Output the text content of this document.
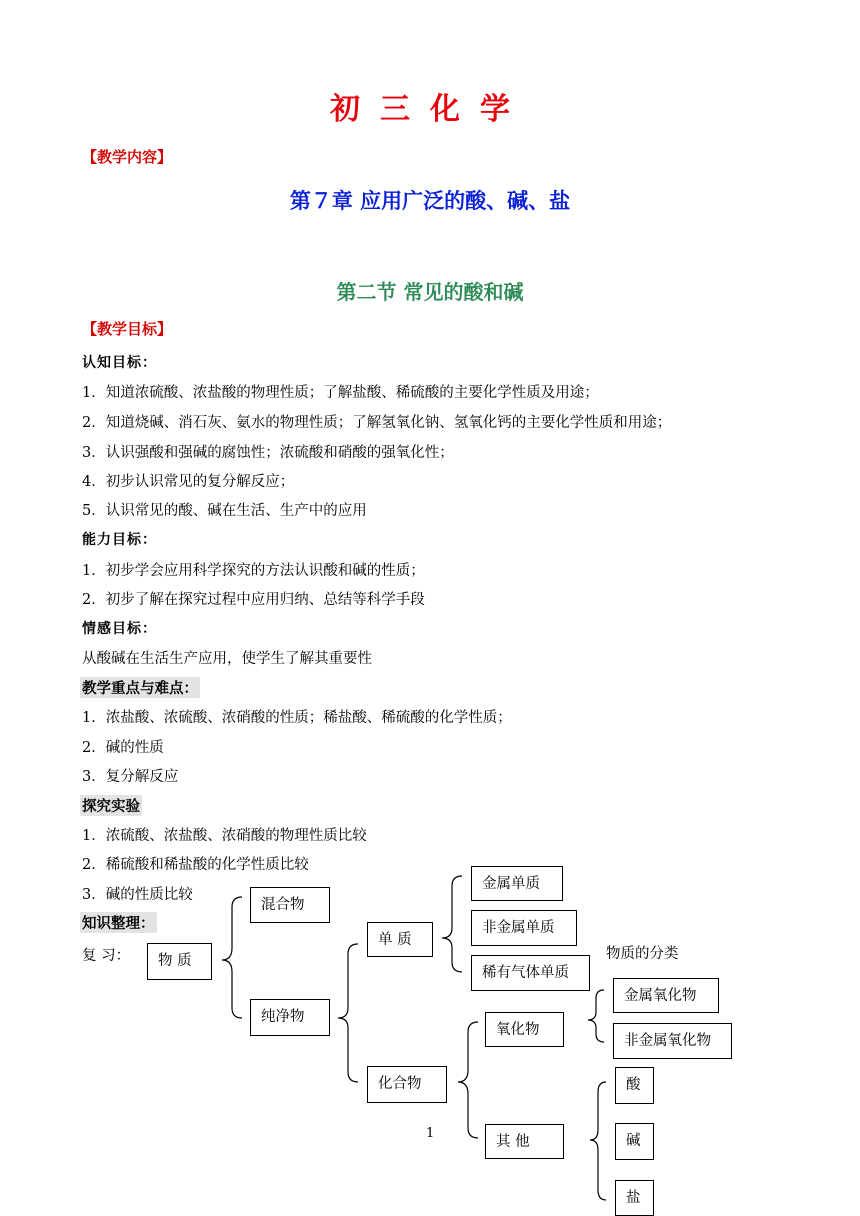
初三化学
【教学内容】
第７章 应用广泛的酸、碱、盐
第二节 常见的酸和碱
【教学目标】
认知目标：
1．知道浓硫酸、浓盐酸的物理性质；了解盐酸、稀硫酸的主要化学性质及用途；
2．知道烧碱、消石灰、氨水的物理性质；了解氢氧化钠、氢氧化钙的主要化学性质和用途；
3．认识强酸和强碱的腐蚀性；浓硫酸和硝酸的强氧化性；
4．初步认识常见的复分解反应；
5．认识常见的酸、碱在生活、生产中的应用
能力目标：
1．初步学会应用科学探究的方法认识酸和碱的性质；
2．初步了解在探究过程中应用归纳、总结等科学手段
情感目标：
从酸碱在生活生产应用，使学生了解其重要性
教学重点与难点：
1．浓盐酸、浓硫酸、浓硝酸的性质；稀盐酸、稀硫酸的化学性质；
2．碱的性质
3．复分解反应
探究实验
1．浓硫酸、浓盐酸、浓硝酸的物理性质比较
2．稀硫酸和稀盐酸的化学性质比较
3．碱的性质比较
知识整理：
复 习：	物 质
混合物
纯净物
单 质
化合物
金属单质
非金属单质
稀有气体单质
氧化物
其 他
金属氧化物
非金属氧化物
酸
碱
盐
物质的分类
1
